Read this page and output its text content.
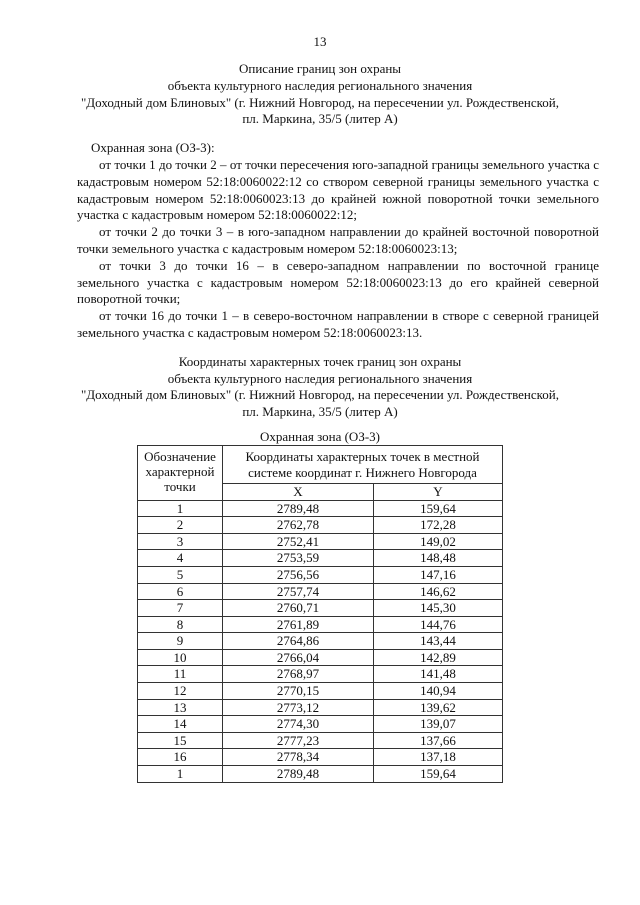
13
Описание границ зон охраны
объекта культурного наследия регионального значения
"Доходный дом Блиновых" (г. Нижний Новгород, на пересечении ул. Рождественской,
пл. Маркина, 35/5 (литер А)

Охранная зона (ОЗ-3):

от точки 1 до точки 2 – от точки пересечения юго-западной границы земельного участка с кадастровым номером 52:18:0060022:12 со створом северной границы земельного участка с кадастровым номером 52:18:0060023:13 до крайней южной поворотной точки земельного участка с кадастровым номером 52:18:0060022:12;

от точки 2 до точки 3 – в юго-западном направлении до крайней восточной поворотной точки земельного участка с кадастровым номером 52:18:0060023:13;

от точки 3 до точки 16 – в северо-западном направлении по восточной границе земельного участка с кадастровым номером 52:18:0060023:13 до его крайней северной поворотной точки;

от точки 16 до точки 1 – в северо-восточном направлении в створе с северной границей земельного участка с кадастровым номером 52:18:0060023:13.

Координаты характерных точек границ зон охраны
объекта культурного наследия регионального значения
"Доходный дом Блиновых" (г. Нижний Новгород, на пересечении ул. Рождественской,
пл. Маркина, 35/5 (литер А)
Охранная зона (ОЗ-3)
Обозначение характерной точки	Координаты характерных точек в местной системе координат г. Нижнего Новгорода	
	X	Y
1	2789,48	159,64
2	2762,78	172,28
3	2752,41	149,02
4	2753,59	148,48
5	2756,56	147,16
6	2757,74	146,62
7	2760,71	145,30
8	2761,89	144,76
9	2764,86	143,44
10	2766,04	142,89
11	2768,97	141,48
12	2770,15	140,94
13	2773,12	139,62
14	2774,30	139,07
15	2777,23	137,66
16	2778,34	137,18
1	2789,48	159,64
